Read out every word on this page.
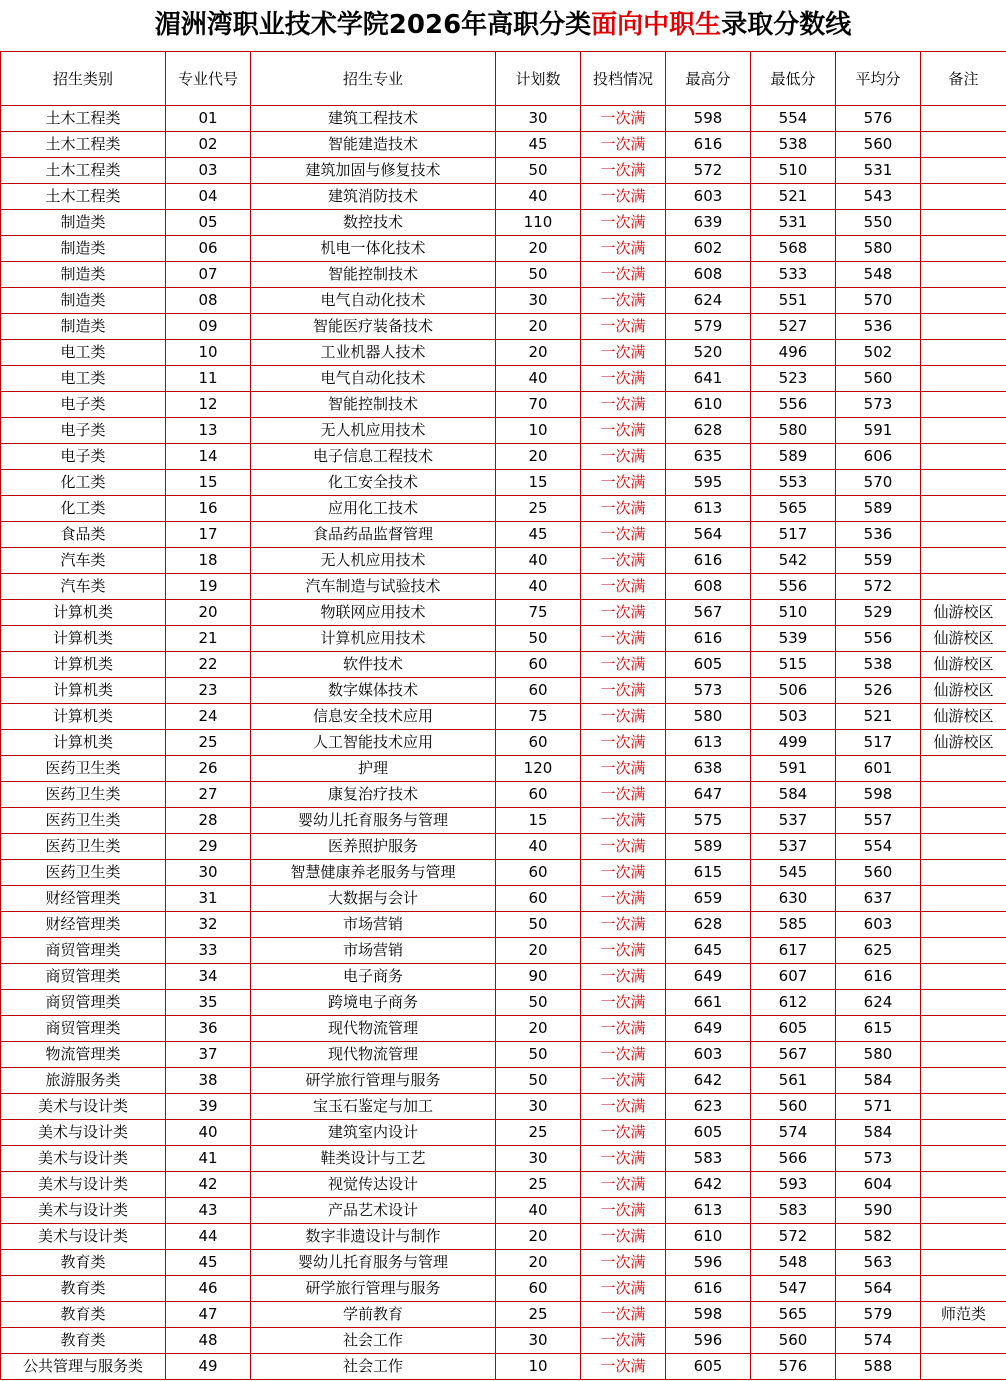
湄洲湾职业技术学院2026年高职分类面向中职生录取分数线
招生类别	专业代号	招生专业	计划数	投档情况	最高分	最低分	平均分	备注
土木工程类	01	建筑工程技术	30	一次满	598	554	576	
土木工程类	02	智能建造技术	45	一次满	616	538	560	
土木工程类	03	建筑加固与修复技术	50	一次满	572	510	531	
土木工程类	04	建筑消防技术	40	一次满	603	521	543	
制造类	05	数控技术	110	一次满	639	531	550	
制造类	06	机电一体化技术	20	一次满	602	568	580	
制造类	07	智能控制技术	50	一次满	608	533	548	
制造类	08	电气自动化技术	30	一次满	624	551	570	
制造类	09	智能医疗装备技术	20	一次满	579	527	536	
电工类	10	工业机器人技术	20	一次满	520	496	502	
电工类	11	电气自动化技术	40	一次满	641	523	560	
电子类	12	智能控制技术	70	一次满	610	556	573	
电子类	13	无人机应用技术	10	一次满	628	580	591	
电子类	14	电子信息工程技术	20	一次满	635	589	606	
化工类	15	化工安全技术	15	一次满	595	553	570	
化工类	16	应用化工技术	25	一次满	613	565	589	
食品类	17	食品药品监督管理	45	一次满	564	517	536	
汽车类	18	无人机应用技术	40	一次满	616	542	559	
汽车类	19	汽车制造与试验技术	40	一次满	608	556	572	
计算机类	20	物联网应用技术	75	一次满	567	510	529	仙游校区
计算机类	21	计算机应用技术	50	一次满	616	539	556	仙游校区
计算机类	22	软件技术	60	一次满	605	515	538	仙游校区
计算机类	23	数字媒体技术	60	一次满	573	506	526	仙游校区
计算机类	24	信息安全技术应用	75	一次满	580	503	521	仙游校区
计算机类	25	人工智能技术应用	60	一次满	613	499	517	仙游校区
医药卫生类	26	护理	120	一次满	638	591	601	
医药卫生类	27	康复治疗技术	60	一次满	647	584	598	
医药卫生类	28	婴幼儿托育服务与管理	15	一次满	575	537	557	
医药卫生类	29	医养照护服务	40	一次满	589	537	554	
医药卫生类	30	智慧健康养老服务与管理	60	一次满	615	545	560	
财经管理类	31	大数据与会计	60	一次满	659	630	637	
财经管理类	32	市场营销	50	一次满	628	585	603	
商贸管理类	33	市场营销	20	一次满	645	617	625	
商贸管理类	34	电子商务	90	一次满	649	607	616	
商贸管理类	35	跨境电子商务	50	一次满	661	612	624	
商贸管理类	36	现代物流管理	20	一次满	649	605	615	
物流管理类	37	现代物流管理	50	一次满	603	567	580	
旅游服务类	38	研学旅行管理与服务	50	一次满	642	561	584	
美术与设计类	39	宝玉石鉴定与加工	30	一次满	623	560	571	
美术与设计类	40	建筑室内设计	25	一次满	605	574	584	
美术与设计类	41	鞋类设计与工艺	30	一次满	583	566	573	
美术与设计类	42	视觉传达设计	25	一次满	642	593	604	
美术与设计类	43	产品艺术设计	40	一次满	613	583	590	
美术与设计类	44	数字非遗设计与制作	20	一次满	610	572	582	
教育类	45	婴幼儿托育服务与管理	20	一次满	596	548	563	
教育类	46	研学旅行管理与服务	60	一次满	616	547	564	
教育类	47	学前教育	25	一次满	598	565	579	师范类
教育类	48	社会工作	30	一次满	596	560	574	
公共管理与服务类	49	社会工作	10	一次满	605	576	588	
